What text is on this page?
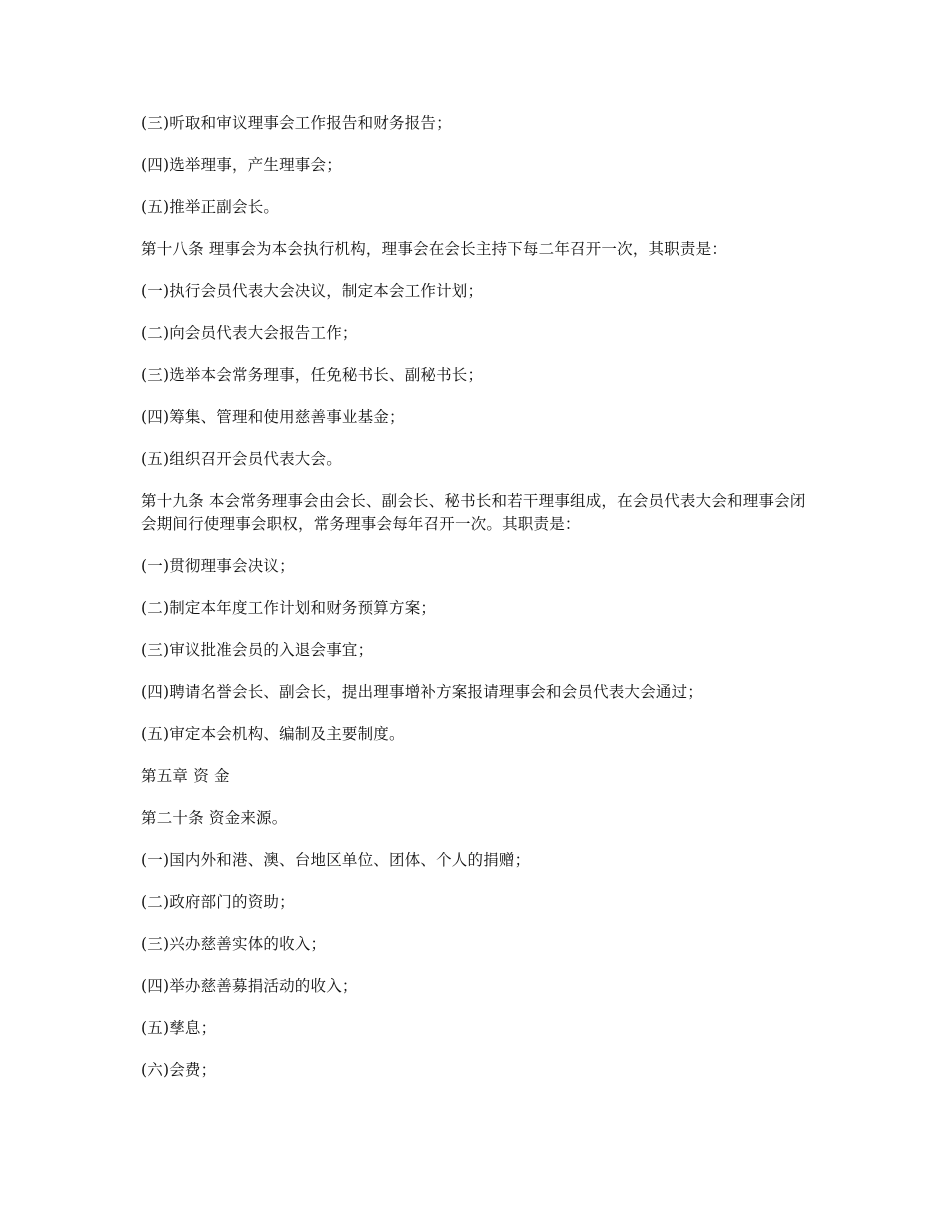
(三)听取和审议理事会工作报告和财务报告；

(四)选举理事，产生理事会；

(五)推举正副会长。

第十八条 理事会为本会执行机构，理事会在会长主持下每二年召开一次，其职责是：

(一)执行会员代表大会决议，制定本会工作计划；

(二)向会员代表大会报告工作；

(三)选举本会常务理事，任免秘书长、副秘书长；

(四)筹集、管理和使用慈善事业基金；

(五)组织召开会员代表大会。

第十九条 本会常务理事会由会长、副会长、秘书长和若干理事组成，在会员代表大会和理事会闭会期间行使理事会职权，常务理事会每年召开一次。其职责是：

(一)贯彻理事会决议；

(二)制定本年度工作计划和财务预算方案；

(三)审议批准会员的入退会事宜；

(四)聘请名誉会长、副会长，提出理事增补方案报请理事会和会员代表大会通过；

(五)审定本会机构、编制及主要制度。

第五章 资 金

第二十条 资金来源。

(一)国内外和港、澳、台地区单位、团体、个人的捐赠；

(二)政府部门的资助；

(三)兴办慈善实体的收入；

(四)举办慈善募捐活动的收入；

(五)孳息；

(六)会费；
